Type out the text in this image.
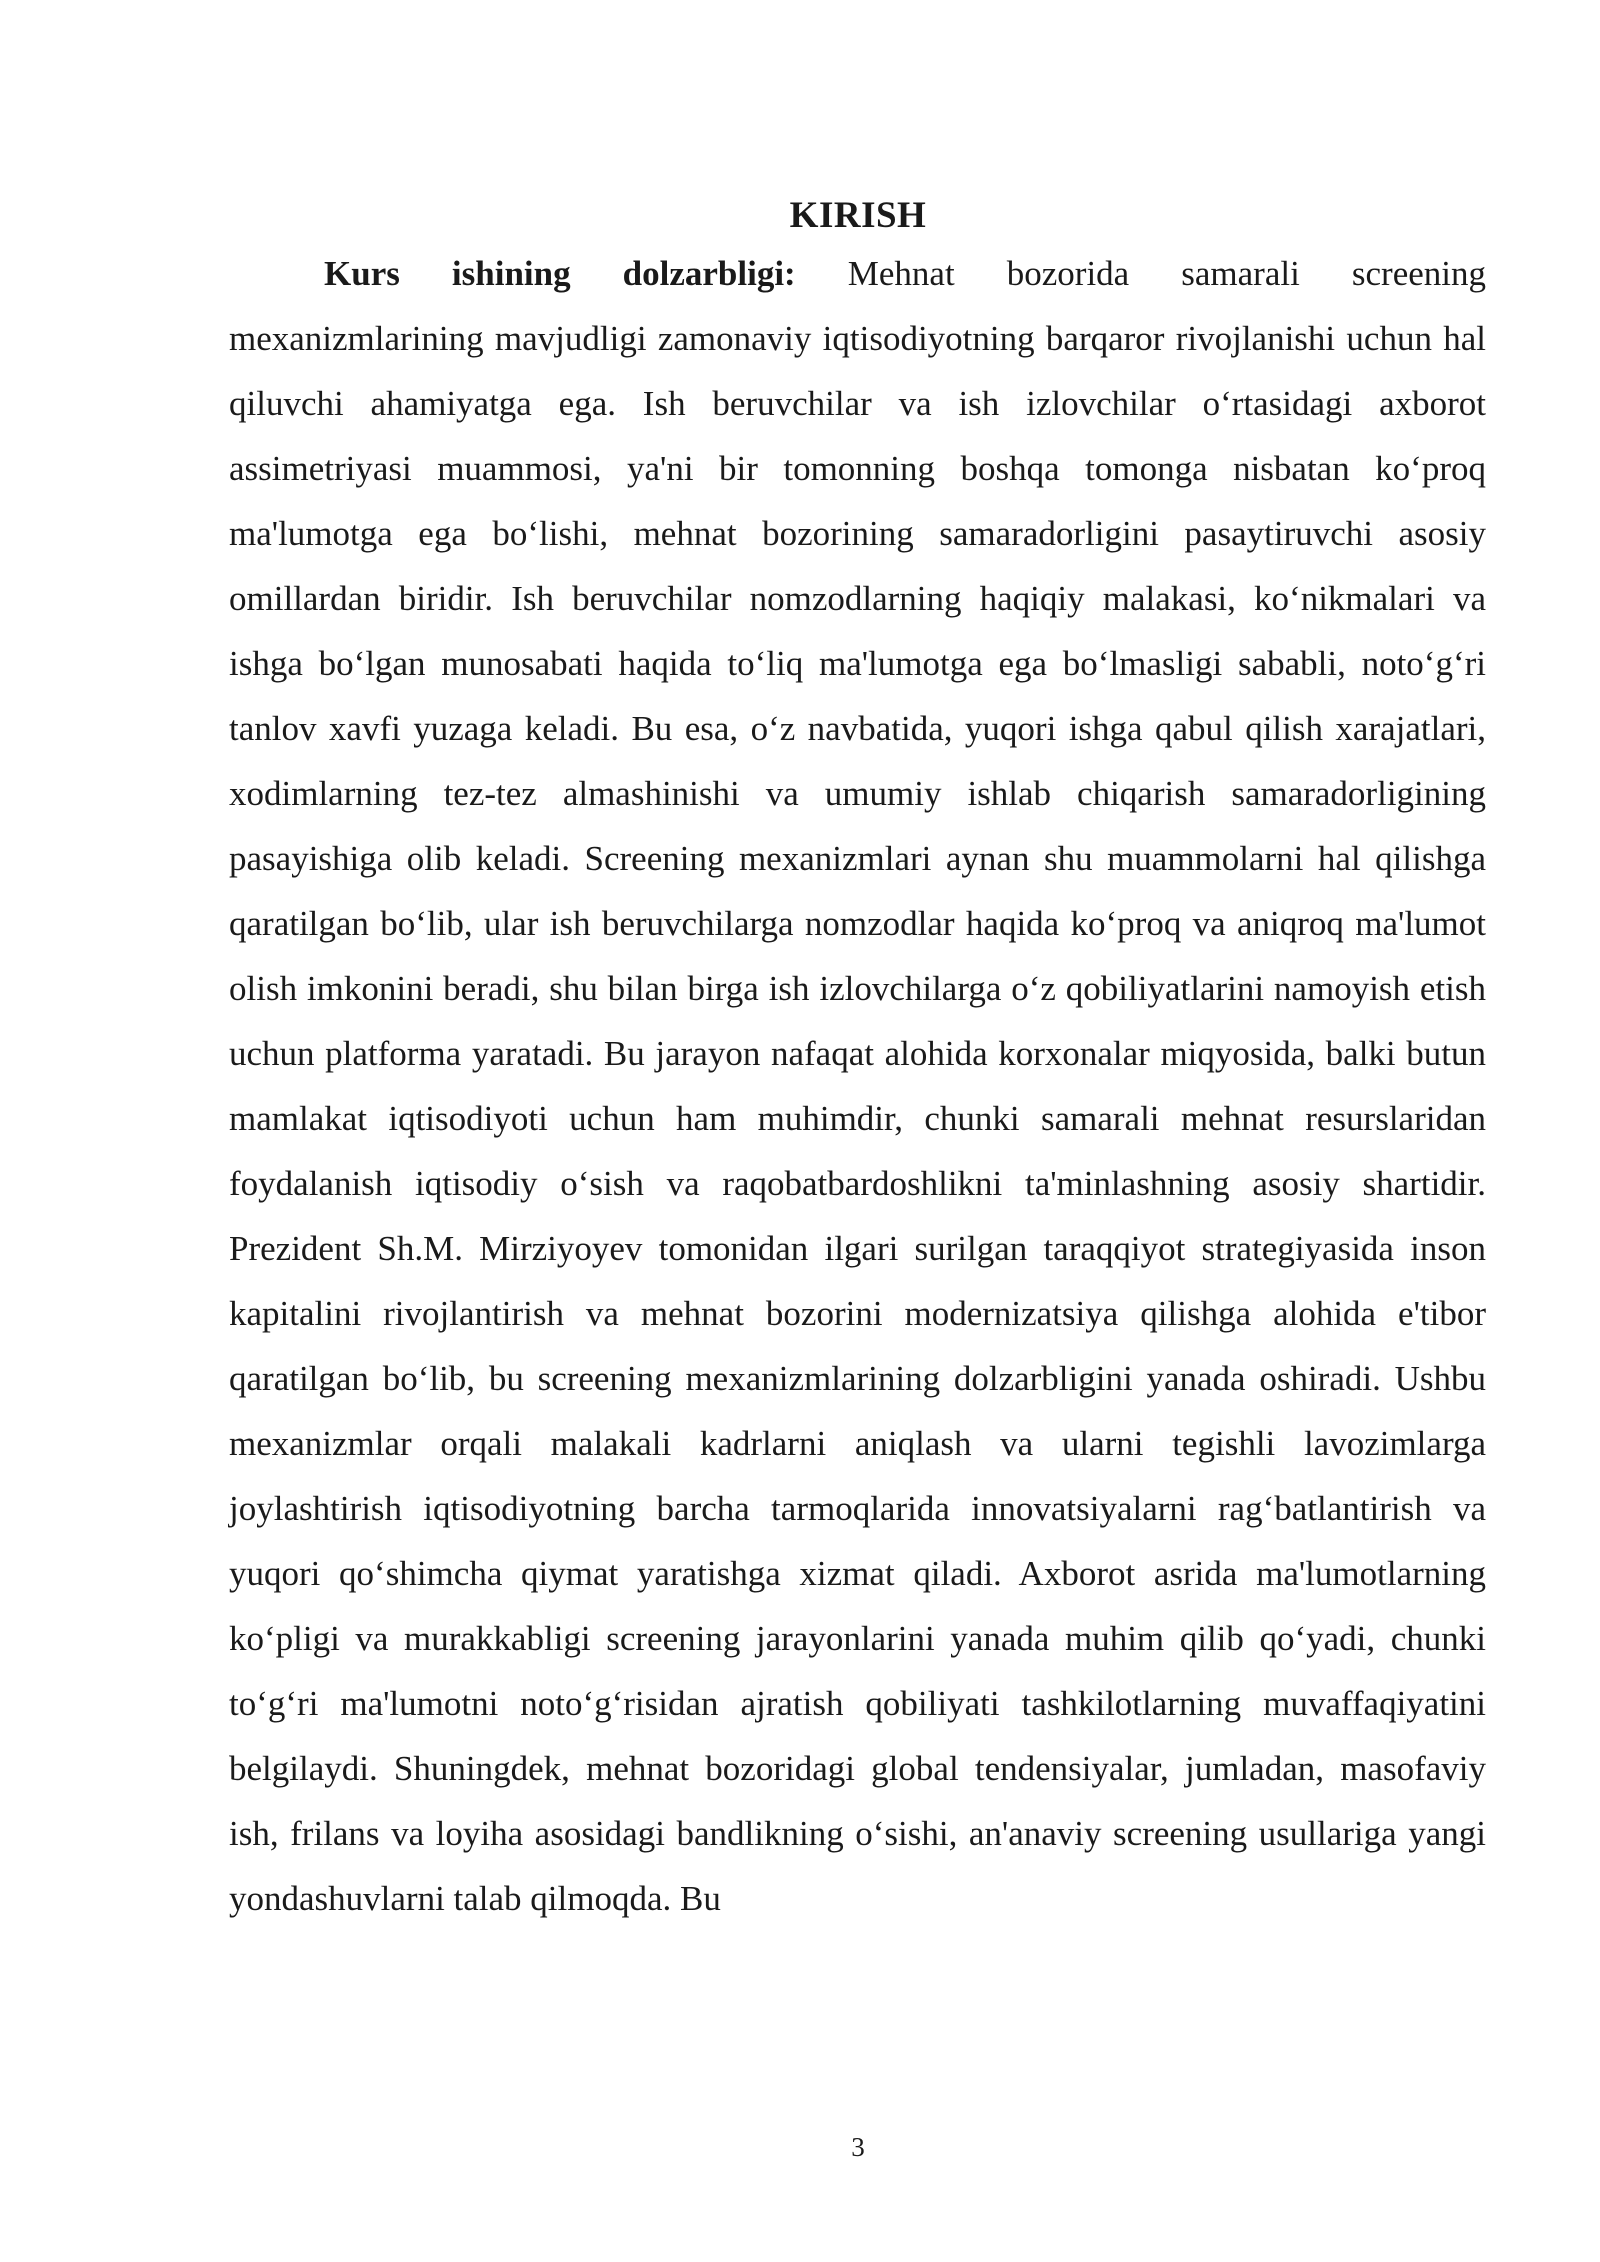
KIRISH

Kurs ishining dolzarbligi: Mehnat bozorida samarali screening mexanizmlarining mavjudligi zamonaviy iqtisodiyotning barqaror rivojlanishi uchun hal qiluvchi ahamiyatga ega. Ish beruvchilar va ish izlovchilar oʻrtasidagi axborot assimetriyasi muammosi, ya'ni bir tomonning boshqa tomonga nisbatan koʻproq ma'lumotga ega boʻlishi, mehnat bozorining samaradorligini pasaytiruvchi asosiy omillardan biridir. Ish beruvchilar nomzodlarning haqiqiy malakasi, koʻnikmalari va ishga boʻlgan munosabati haqida toʻliq ma'lumotga ega boʻlmasligi sababli, notoʻgʻri tanlov xavfi yuzaga keladi. Bu esa, oʻz navbatida, yuqori ishga qabul qilish xarajatlari, xodimlarning tez-tez almashinishi va umumiy ishlab chiqarish samaradorligining pasayishiga olib keladi. Screening mexanizmlari aynan shu muammolarni hal qilishga qaratilgan boʻlib, ular ish beruvchilarga nomzodlar haqida koʻproq va aniqroq ma'lumot olish imkonini beradi, shu bilan birga ish izlovchilarga oʻz qobiliyatlarini namoyish etish uchun platforma yaratadi. Bu jarayon nafaqat alohida korxonalar miqyosida, balki butun mamlakat iqtisodiyoti uchun ham muhimdir, chunki samarali mehnat resurslaridan foydalanish iqtisodiy oʻsish va raqobatbardoshlikni ta'minlashning asosiy shartidir. Prezident Sh.M. Mirziyoyev tomonidan ilgari surilgan taraqqiyot strategiyasida inson kapitalini rivojlantirish va mehnat bozorini modernizatsiya qilishga alohida e'tibor qaratilgan boʻlib, bu screening mexanizmlarining dolzarbligini yanada oshiradi. Ushbu mexanizmlar orqali malakali kadrlarni aniqlash va ularni tegishli lavozimlarga joylashtirish iqtisodiyotning barcha tarmoqlarida innovatsiyalarni ragʻbatlantirish va yuqori qoʻshimcha qiymat yaratishga xizmat qiladi. Axborot asrida ma'lumotlarning koʻpligi va murakkabligi screening jarayonlarini yanada muhim qilib qoʻyadi, chunki toʻgʻri ma'lumotni notoʻgʻrisidan ajratish qobiliyati tashkilotlarning muvaffaqiyatini belgilaydi. Shuningdek, mehnat bozoridagi global tendensiyalar, jumladan, masofaviy ish, frilans va loyiha asosidagi bandlikning oʻsishi, an'anaviy screening usullariga yangi yondashuvlarni talab qilmoqda. Bu

3
